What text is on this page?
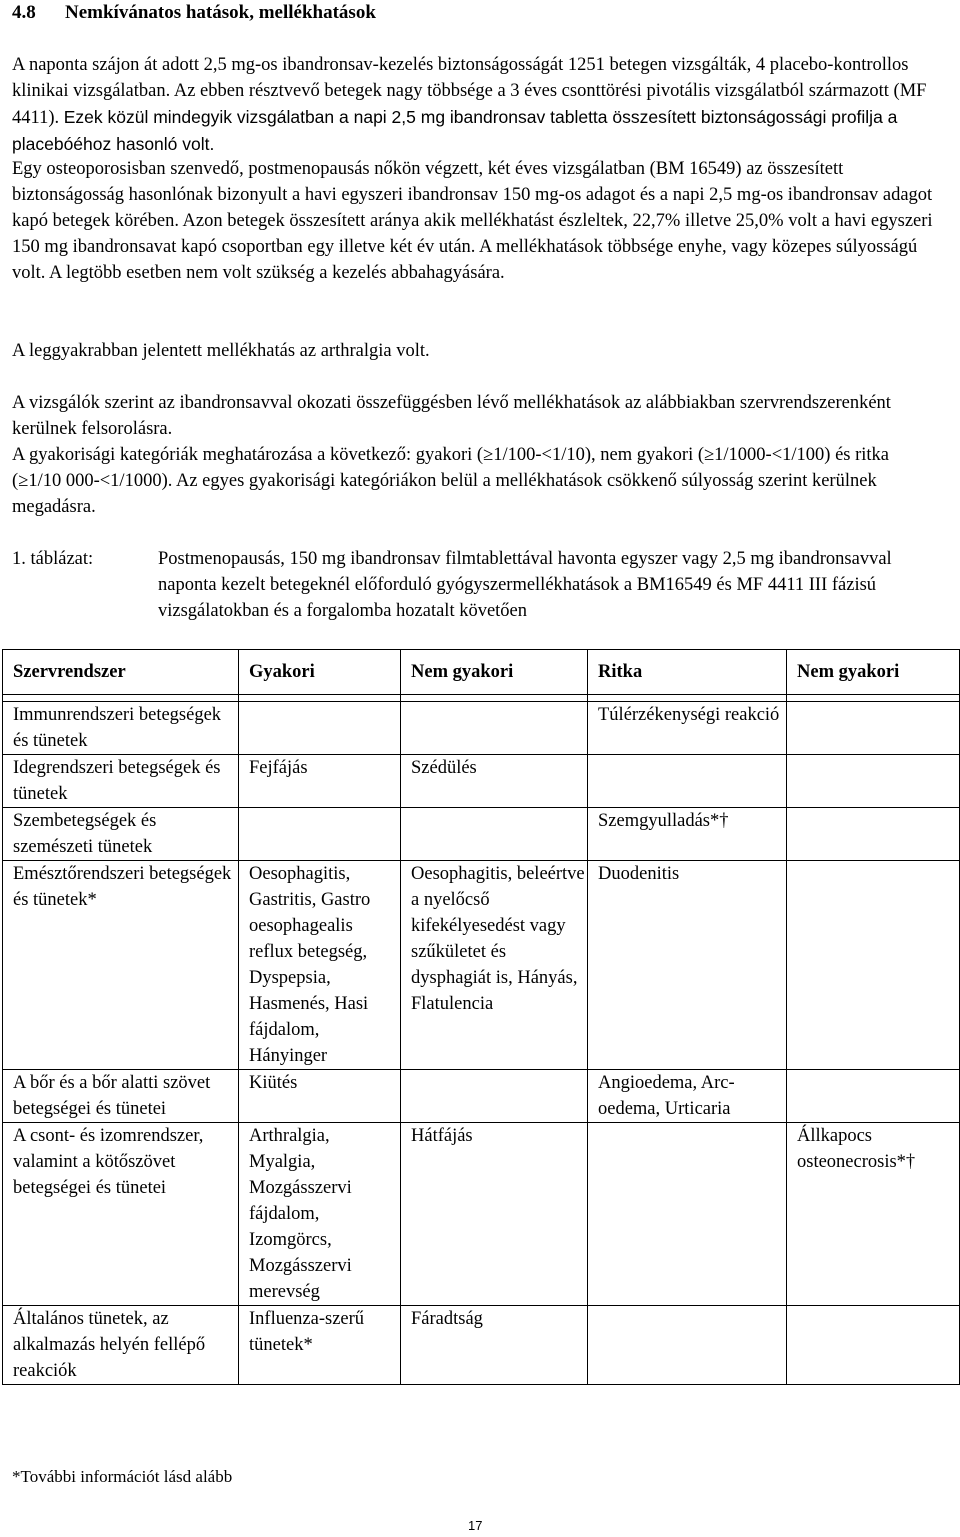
4.8 Nemkívánatos hatások, mellékhatások

A naponta szájon át adott 2,5 mg-os ibandronsav-kezelés biztonságosságát 1251 betegen vizsgálták, 4 placebo-kontrollos klinikai vizsgálatban. Az ebben résztvevő betegek nagy többsége a 3 éves csonttörési pivotális vizsgálatból származott (MF 4411). Ezek közül mindegyik vizsgálatban a napi 2,5 mg ibandronsav tabletta összesített biztonságossági profilja a placebóéhoz hasonló volt.

Egy osteoporosisban szenvedő, postmenopausás nőkön végzett, két éves vizsgálatban (BM 16549) az összesített biztonságosság hasonlónak bizonyult a havi egyszeri ibandronsav 150 mg-os adagot és a napi 2,5 mg-os ibandronsav adagot kapó betegek körében. Azon betegek összesített aránya akik mellékhatást észleltek, 22,7% illetve 25,0% volt a havi egyszeri 150 mg ibandronsavat kapó csoportban egy illetve két év után. A mellékhatások többsége enyhe, vagy közepes súlyosságú volt. A legtöbb esetben nem volt szükség a kezelés abbahagyására.

A leggyakrabban jelentett mellékhatás az arthralgia volt.

A vizsgálók szerint az ibandronsavval okozati összefüggésben lévő mellékhatások az alábbiakban szervrendszerenként kerülnek felsorolásra.

A gyakorisági kategóriák meghatározása a következő: gyakori (≥1/100-<1/10), nem gyakori (≥1/1000-<1/100) és ritka (≥1/10 000-<1/1000). Az egyes gyakorisági kategóriákon belül a mellékhatások csökkenő súlyosság szerint kerülnek megadásra.

1. táblázat:	Postmenopausás, 150 mg ibandronsav filmtablettával havonta egyszer vagy 2,5 mg ibandronsavval naponta kezelt betegeknél előforduló gyógyszermellékhatások a BM16549 és MF 4411 III fázisú vizsgálatokban és a forgalomba hozatalt követően
Szervrendszer	Gyakori	Nem gyakori	Ritka	Nem gyakori

Immunrendszeri betegségek és tünetek			Túlérzékenységi reakció	
Idegrendszeri betegségek és tünetek	Fejfájás	Szédülés		
Szembetegségek és szemészeti tünetek			Szemgyulladás*†	
Emésztőrendszeri betegségek és tünetek*	Oesophagitis, Gastritis, Gastro oesophagealis reflux betegség, Dyspepsia, Hasmenés, Hasi fájdalom, Hányinger	Oesophagitis, beleértve a nyelőcső kifekélyesedést vagy szűkületet és dysphagiát is, Hányás, Flatulencia	Duodenitis	
A bőr és a bőr alatti szövet betegségei és tünetei	Kiütés		Angioedema, Arc-oedema, Urticaria	
A csont- és izomrendszer, valamint a kötőszövet betegségei és tünetei	Arthralgia, Myalgia, Mozgásszervi fájdalom, Izomgörcs, Mozgásszervi merevség	Hátfájás		Állkapocs osteonecrosis*†
Általános tünetek, az alkalmazás helyén fellépő reakciók	Influenza-szerű tünetek*	Fáradtság		
*További információt lásd alább
17
